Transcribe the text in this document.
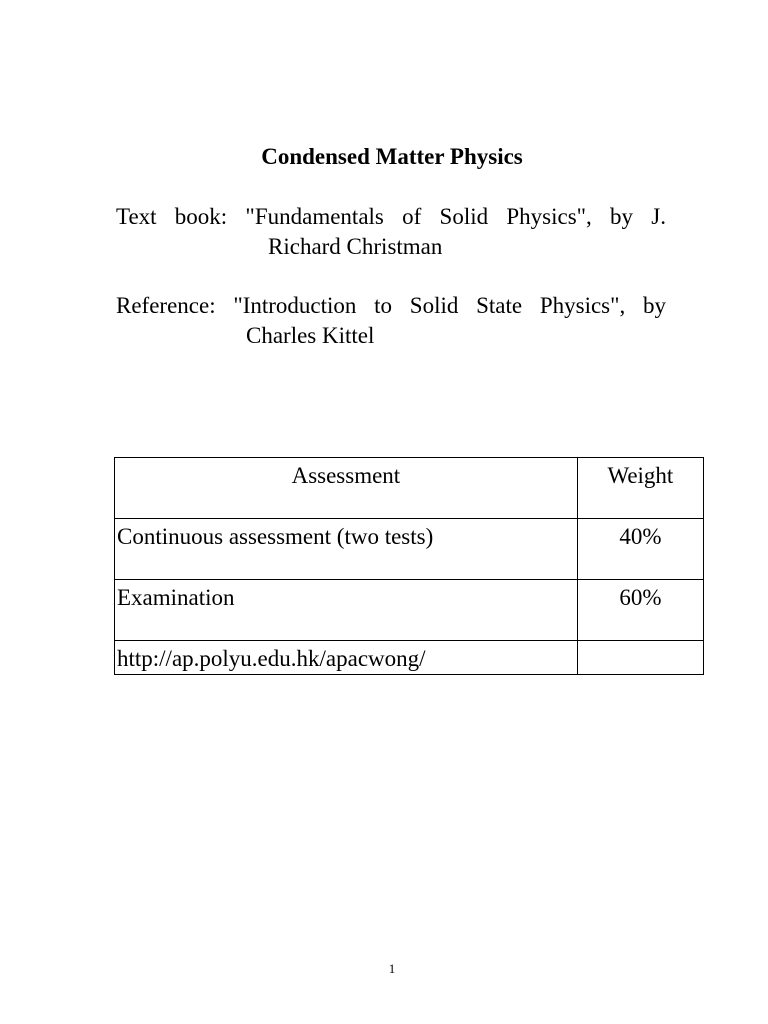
Condensed Matter Physics
Text book: "Fundamentals of Solid Physics", by J.
Richard Christman
Reference: "Introduction to Solid State Physics", by
Charles Kittel
Assessment	Weight
Continuous assessment (two tests)	40%
Examination	60%
http://ap.polyu.edu.hk/apacwong/	
1
